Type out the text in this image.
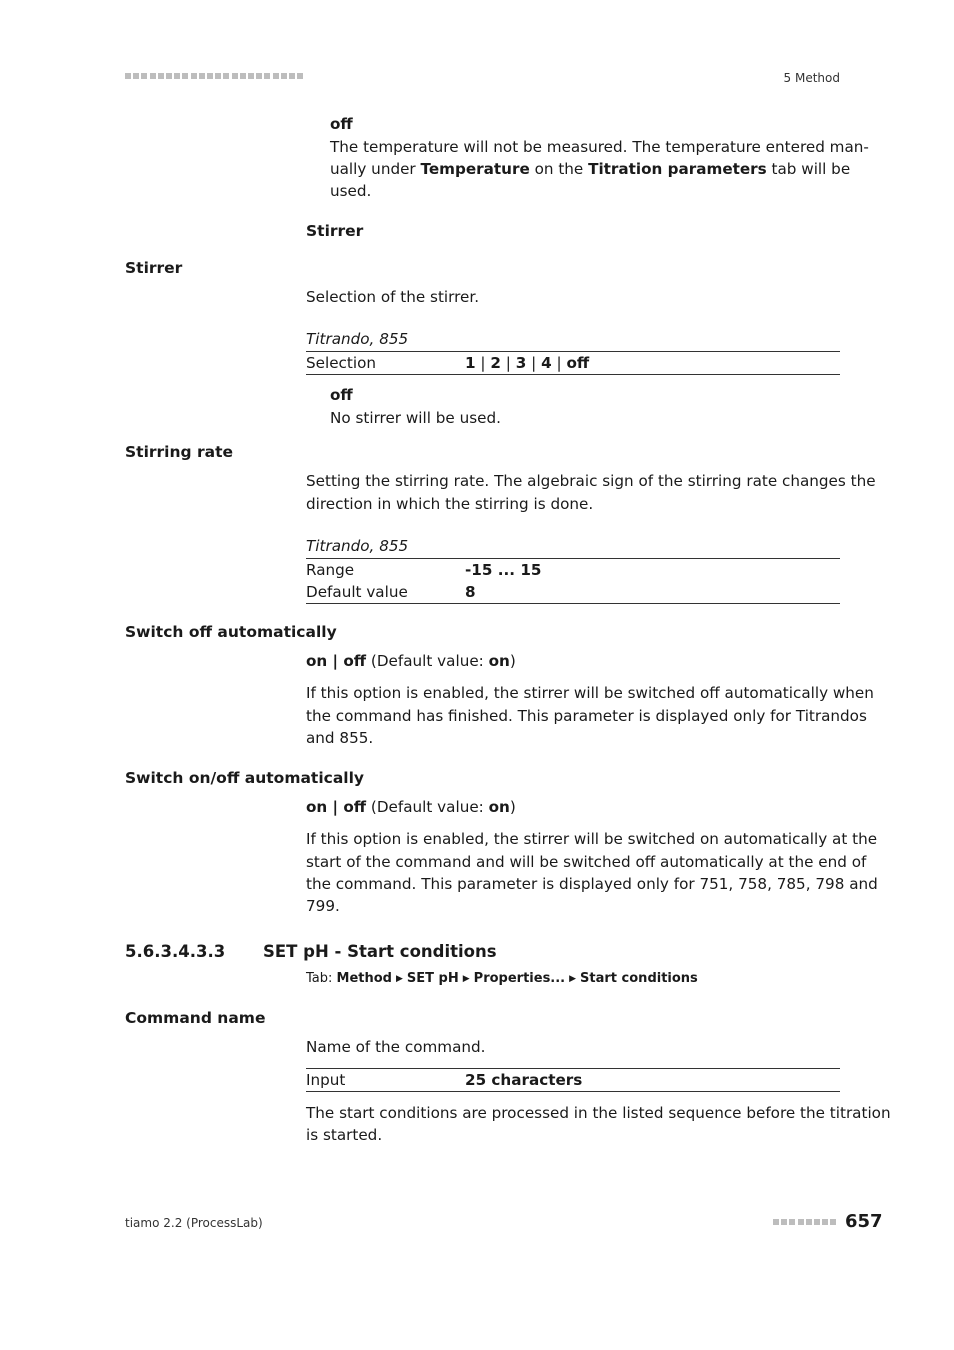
5 Method
off
The temperature will not be measured. The temperature entered man-
ually under Temperature on the Titration parameters tab will be
used.
Stirrer
Stirrer
Selection of the stirrer.
Titrando, 855
Selection	1 | 2 | 3 | 4 | off
off
No stirrer will be used.
Stirring rate
Setting the stirring rate. The algebraic sign of the stirring rate changes the
direction in which the stirring is done.
Titrando, 855
Range	-15 ... 15
Default value	8
Switch off automatically
on | off (Default value: on)
If this option is enabled, the stirrer will be switched off automatically when
the command has finished. This parameter is displayed only for Titrandos
and 855.
Switch on/off automatically
on | off (Default value: on)
If this option is enabled, the stirrer will be switched on automatically at the
start of the command and will be switched off automatically at the end of
the command. This parameter is displayed only for 751, 758, 785, 798 and
799.
5.6.3.4.3.3 SET pH - Start conditions
Tab: Method ▶ SET pH ▶ Properties... ▶ Start conditions
Command name
Name of the command.
Input	25 characters
The start conditions are processed in the listed sequence before the titration
is started.
tiamo 2.2 (ProcessLab)	657
